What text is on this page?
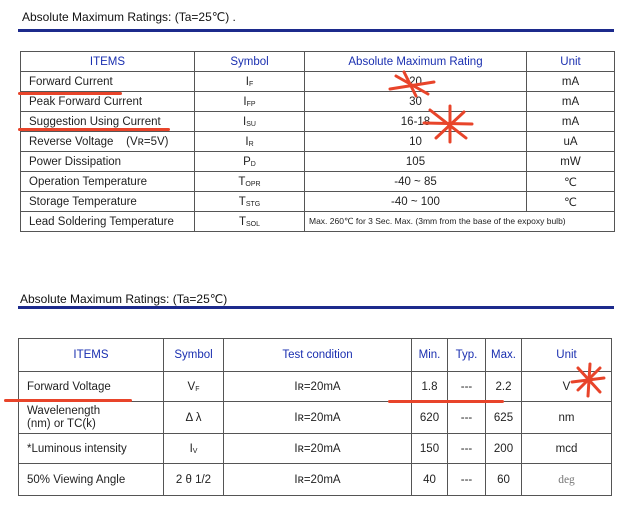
Absolute Maximum Ratings: (Ta=25℃) .
ITEMS	Symbol	Absolute Maximum Rating	Unit
Forward Current	IF	20	mA
Peak Forward Current	IFP	30	mA
Suggestion Using Current	ISU	16-18	mA
Reverse Voltage (Vʀ=5V)	IR	10	uA
Power Dissipation	PD	105	mW
Operation Temperature	TOPR	-40 ~ 85	℃
Storage Temperature	TSTG	-40 ~ 100	℃
Lead Soldering Temperature	TSOL	Max. 260℃ for 3 Sec. Max. (3mm from the base of the expoxy bulb)	
Absolute Maximum Ratings: (Ta=25℃)
ITEMS	Symbol	Test condition	Min.	Typ.	Max.	Unit
Forward Voltage	VF	Iʀ=20mA	1.8	---	2.2	V
Wavelenength
(nm) or TC(k)	Δ λ	Iʀ=20mA	620	---	625	nm
*Luminous intensity	IV	Iʀ=20mA	150	---	200	mcd
50% Viewing Angle	2 θ 1/2	Iʀ=20mA	40	---	60	deg
